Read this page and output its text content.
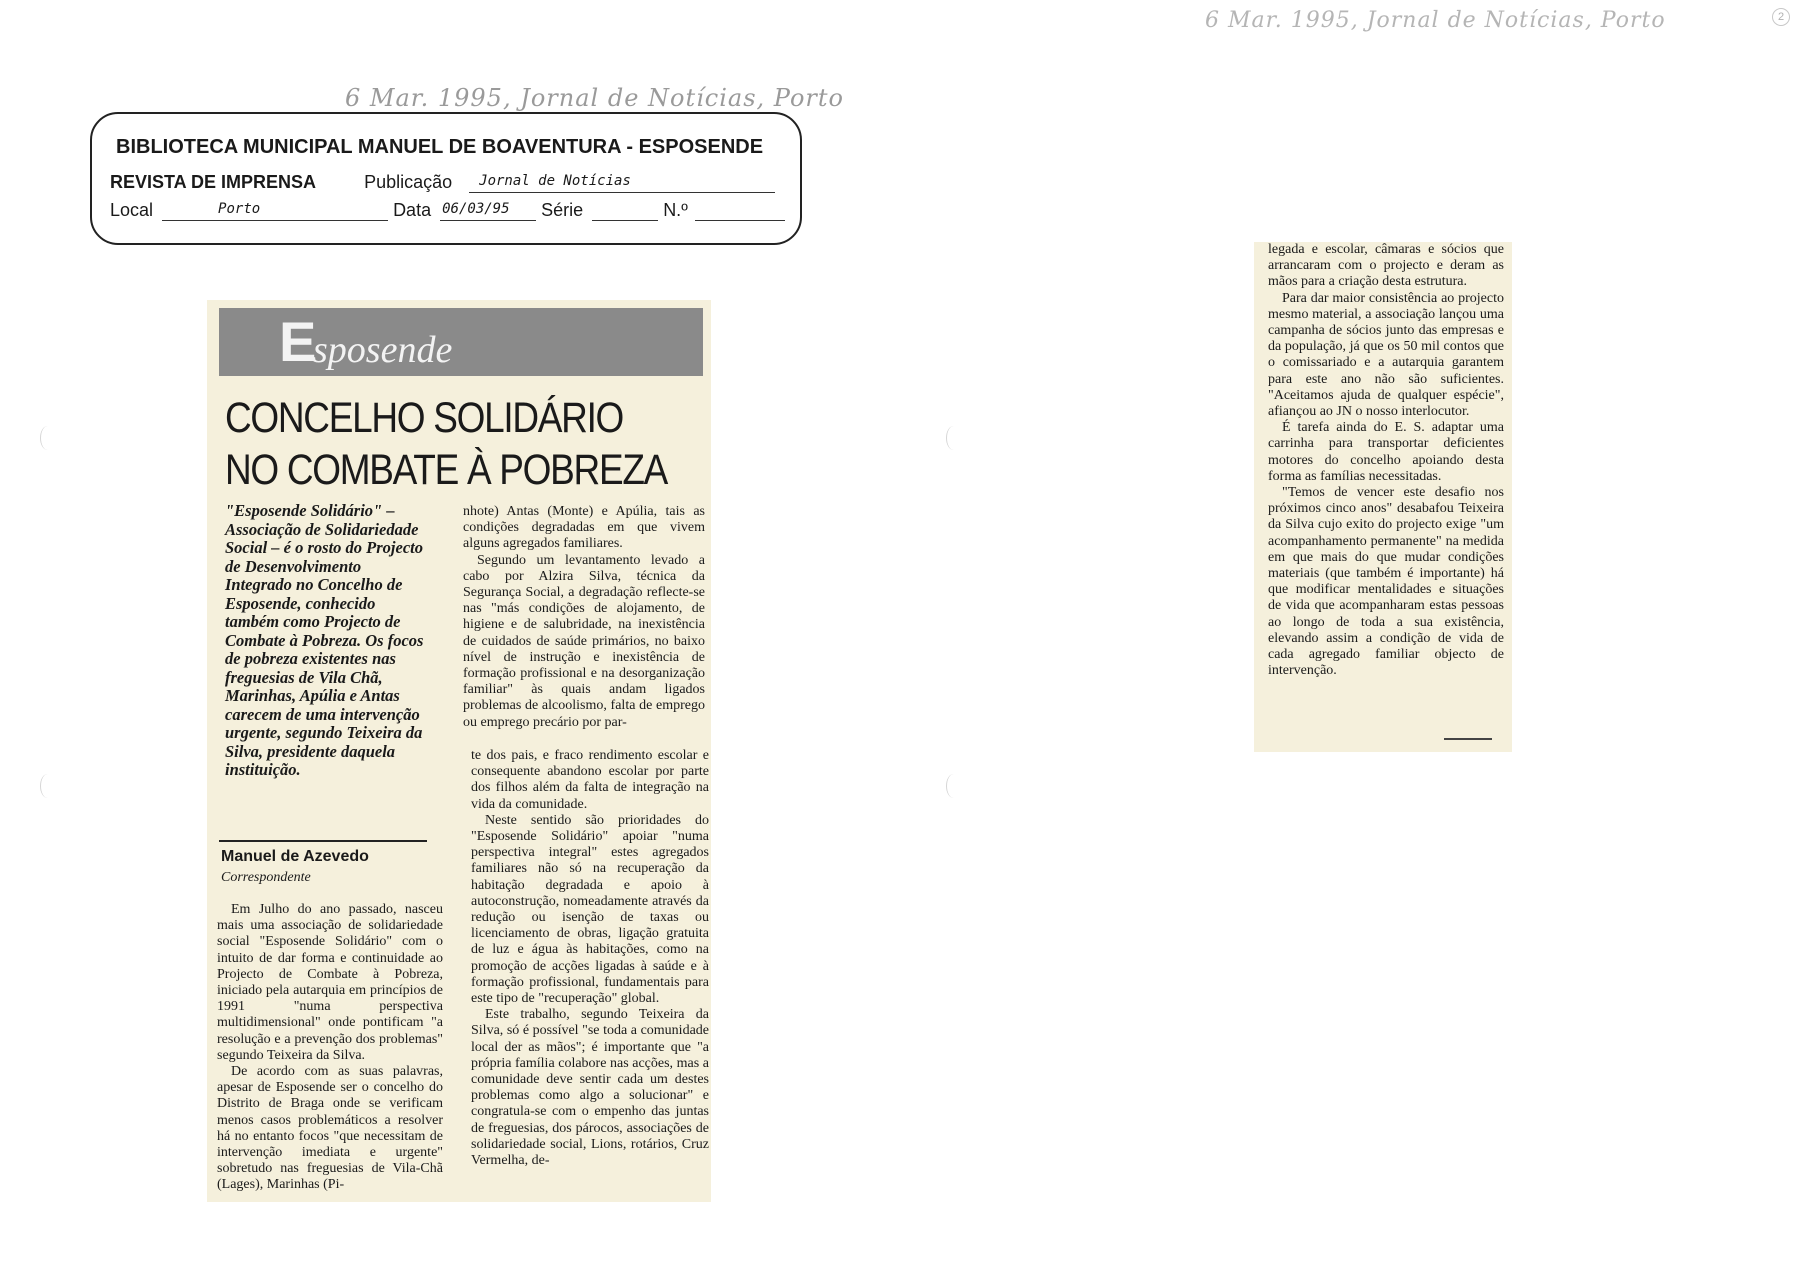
6 Mar. 1995, Jornal de Notícias, Porto
6 Mar. 1995, Jornal de Notícias, Porto	2
BIBLIOTECA MUNICIPAL MANUEL DE BOAVENTURA - ESPOSENDE
REVISTA DE IMPRENSA	Publicação Jornal de Notícias
Local	Porto	Data 06/03/95 Série	N.º
E
sposende
CONCELHO SOLIDÁRIO
NO COMBATE À POBREZA
"Esposende Solidário" – Associação de Solidariedade Social – é o rosto do Projecto de Desenvolvimento Integrado no Concelho de Esposende, conhecido também como Projecto de Combate à Pobreza. Os focos de pobreza existentes nas freguesias de Vila Chã, Marinhas, Apúlia e Antas carecem de uma intervenção urgente, segundo Teixeira da Silva, presidente daquela instituição.
Manuel de Azevedo
Correspondente

Em Julho do ano passado, nasceu mais uma associação de solidariedade social "Esposende Solidário" com o intuito de dar forma e continuidade ao Projecto de Combate à Pobreza, iniciado pela autarquia em princípios de 1991 "numa perspectiva multidimensional" onde pontificam "a resolução e a prevenção dos problemas" segundo Teixeira da Silva.

De acordo com as suas palavras, apesar de Esposende ser o concelho do Distrito de Braga onde se verificam menos casos problemáticos a resolver há no entanto focos "que necessitam de intervenção imediata e urgente" sobretudo nas freguesias de Vila-Chã (Lages), Marinhas (Pi-

nhote) Antas (Monte) e Apúlia, tais as condições degradadas em que vivem alguns agregados familiares.

Segundo um levantamento levado a cabo por Alzira Silva, técnica da Segurança Social, a degradação reflecte-se nas "más condições de alojamento, de higiene e de salubridade, na inexistência de cuidados de saúde primários, no baixo nível de instrução e inexistência de formação profissional e na desorganização familiar" às quais andam ligados problemas de alcoolismo, falta de emprego ou emprego precário por par-

te dos pais, e fraco rendimento escolar e consequente abandono escolar por parte dos filhos além da falta de integração na vida da comunidade.

Neste sentido são prioridades do "Esposende Solidário" apoiar "numa perspectiva integral" estes agregados familiares não só na recuperação da habitação degradada e apoio à autoconstrução, nomeadamente através da redução ou isenção de taxas ou licenciamento de obras, ligação gratuita de luz e água às habitações, como na promoção de acções ligadas à saúde e à formação profissional, fundamentais para este tipo de "recuperação" global.

Este trabalho, segundo Teixeira da Silva, só é possível "se toda a comunidade local der as mãos"; é importante que "a própria família colabore nas acções, mas a comunidade deve sentir cada um destes problemas como algo a solucionar" e congratula-se com o empenho das juntas de freguesias, dos párocos, associações de solidariedade social, Lions, rotários, Cruz Vermelha, de-

legada e escolar, câmaras e sócios que arrancaram com o projecto e deram as mãos para a criação desta estrutura.

Para dar maior consistência ao projecto mesmo material, a associação lançou uma campanha de sócios junto das empresas e da população, já que os 50 mil contos que o comissariado e a autarquia garantem para este ano não são suficientes. "Aceitamos ajuda de qualquer espécie", afiançou ao JN o nosso interlocutor.

É tarefa ainda do E. S. adaptar uma carrinha para transportar deficientes motores do concelho apoiando desta forma as famílias necessitadas.

"Temos de vencer este desafio nos próximos cinco anos" desabafou Teixeira da Silva cujo exito do projecto exige "um acompanhamento permanente" na medida em que mais do que mudar condições materiais (que também é importante) há que modificar mentalidades e situações de vida que acompanharam estas pessoas ao longo de toda a sua existência, elevando assim a condição de vida de cada agregado familiar objecto de intervenção.
